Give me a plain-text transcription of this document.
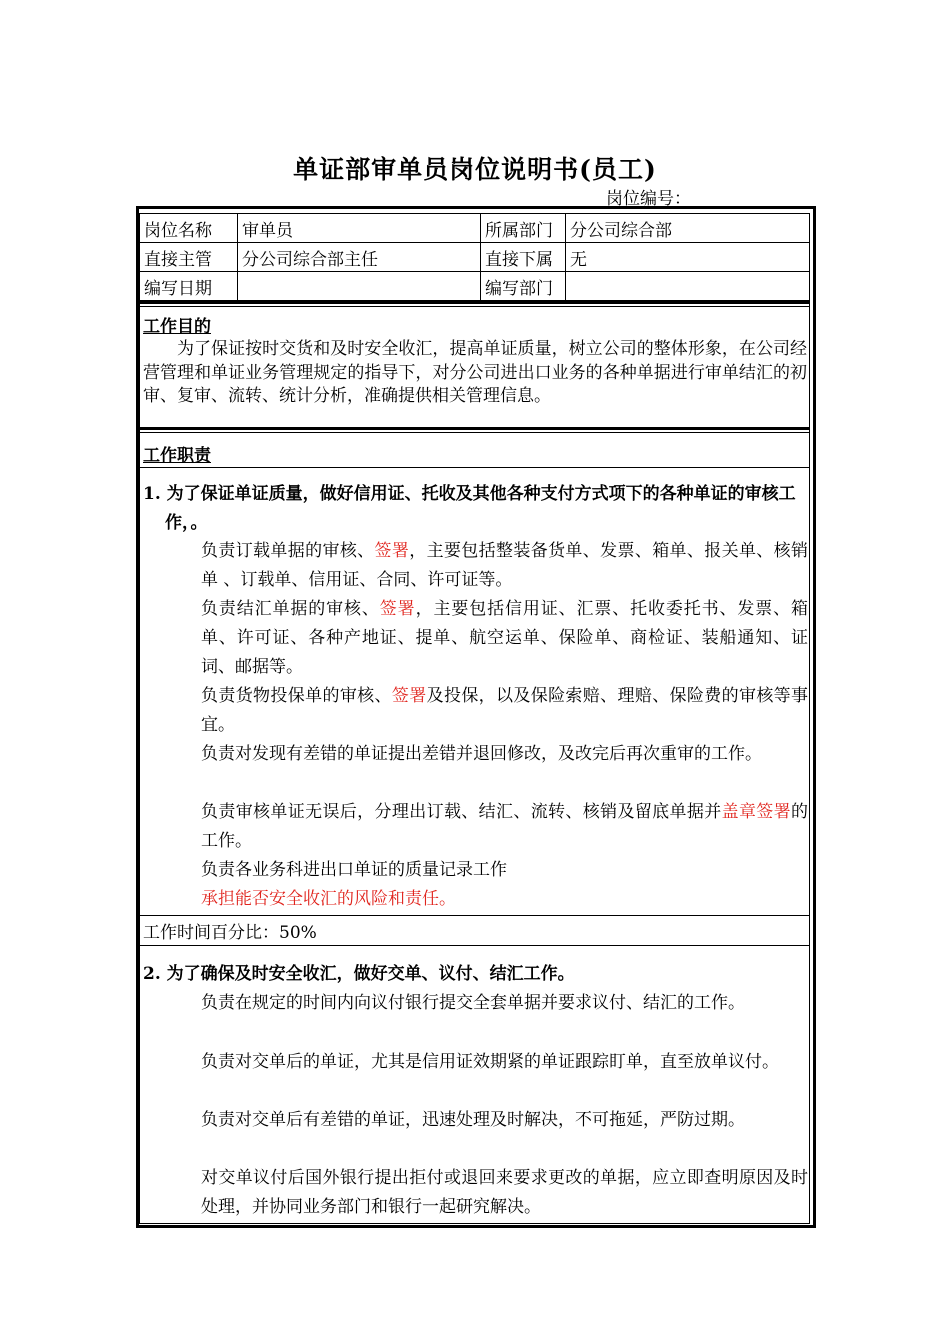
单证部审单员岗位说明书(员工)
岗位编号：
岗位名称	审单员	所属部门	分公司综合部
直接主管	分公司综合部主任	直接下属	无
编写日期		编写部门	
工作目的
为了保证按时交货和及时安全收汇，提高单证质量，树立公司的整体形象，在公司经营管理和单证业务管理规定的指导下，对分公司进出口业务的各种单据进行审单结汇的初审、复审、流转、统计分析，准确提供相关管理信息。
工作职责
1. 为了保证单证质量，做好信用证、托收及其他各种支付方式项下的各种单证的审核工作，。
负责订载单据的审核、签署，主要包括整装备货单、发票、箱单、报关单、核销单 、订载单、信用证、合同、许可证等。
负责结汇单据的审核、签署，主要包括信用证、汇票、托收委托书、发票、箱单、许可证、各种产地证、提单、航空运单、保险单、商检证、装船通知、证词、邮据等。
负责货物投保单的审核、签署及投保，以及保险索赔、理赔、保险费的审核等事宜。
负责对发现有差错的单证提出差错并退回修改，及改完后再次重审的工作。
负责审核单证无误后，分理出订载、结汇、流转、核销及留底单据并盖章签署的工作。
负责各业务科进出口单证的质量记录工作
承担能否安全收汇的风险和责任。
工作时间百分比：50%
2. 为了确保及时安全收汇，做好交单、议付、结汇工作。
负责在规定的时间内向议付银行提交全套单据并要求议付、结汇的工作。
负责对交单后的单证，尤其是信用证效期紧的单证跟踪盯单，直至放单议付。
负责对交单后有差错的单证，迅速处理及时解决，不可拖延，严防过期。
对交单议付后国外银行提出拒付或退回来要求更改的单据，应立即查明原因及时处理，并协同业务部门和银行一起研究解决。
